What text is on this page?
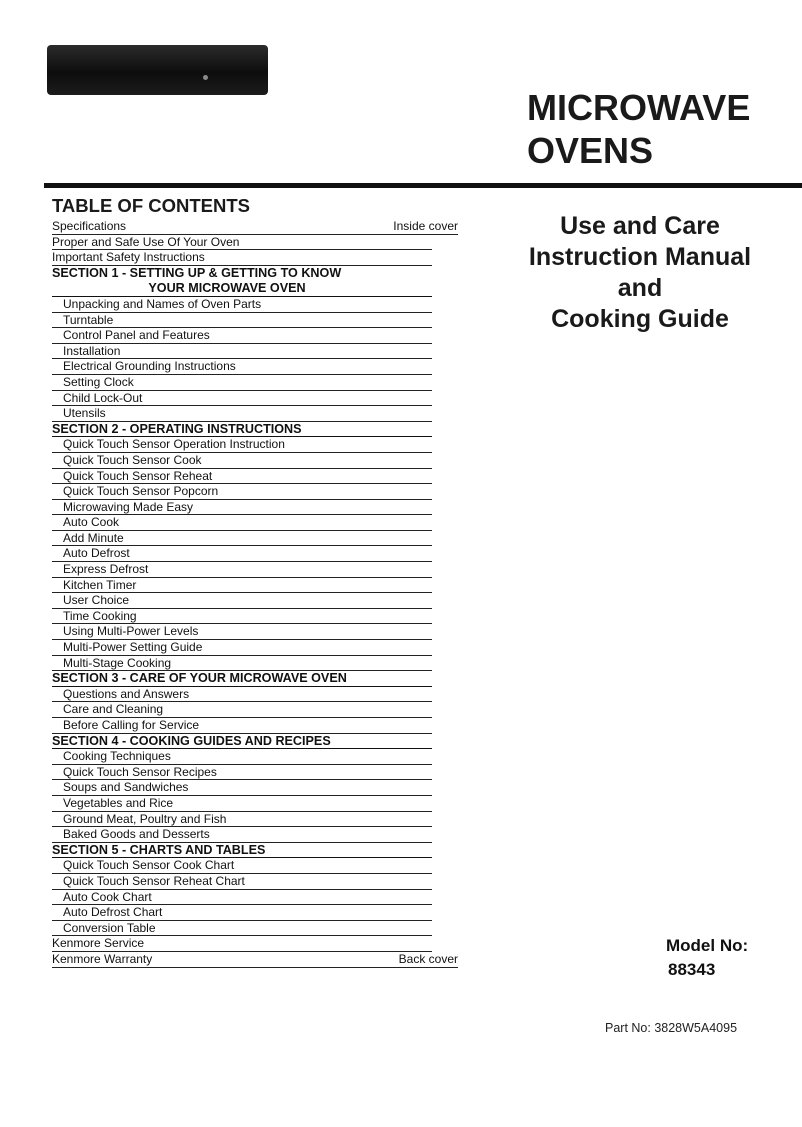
MICROWAVE
OVENS
TABLE OF CONTENTS
Specifications	Inside cover
Proper and Safe Use Of Your Oven
Important Safety Instructions
SECTION 1 - SETTING UP & GETTING TO KNOW
YOUR MICROWAVE OVEN
Unpacking and Names of Oven Parts
Turntable
Control Panel and Features
Installation
Electrical Grounding Instructions
Setting Clock
Child Lock-Out
Utensils
SECTION 2 - OPERATING INSTRUCTIONS
Quick Touch Sensor Operation Instruction
Quick Touch Sensor Cook
Quick Touch Sensor Reheat
Quick Touch Sensor Popcorn
Microwaving Made Easy
Auto Cook
Add Minute
Auto Defrost
Express Defrost
Kitchen Timer
User Choice
Time Cooking
Using Multi-Power Levels
Multi-Power Setting Guide
Multi-Stage Cooking
SECTION 3 - CARE OF YOUR MICROWAVE OVEN
Questions and Answers
Care and Cleaning
Before Calling for Service
SECTION 4 - COOKING GUIDES AND RECIPES
Cooking Techniques
Quick Touch Sensor Recipes
Soups and Sandwiches
Vegetables and Rice
Ground Meat, Poultry and Fish
Baked Goods and Desserts
SECTION 5 - CHARTS AND TABLES
Quick Touch Sensor Cook Chart
Quick Touch Sensor Reheat Chart
Auto Cook Chart
Auto Defrost Chart
Conversion Table
Kenmore Service
Kenmore Warranty	Back cover
Use and Care
Instruction Manual
and
Cooking Guide
Model No:
88343
Part No: 3828W5A4095
